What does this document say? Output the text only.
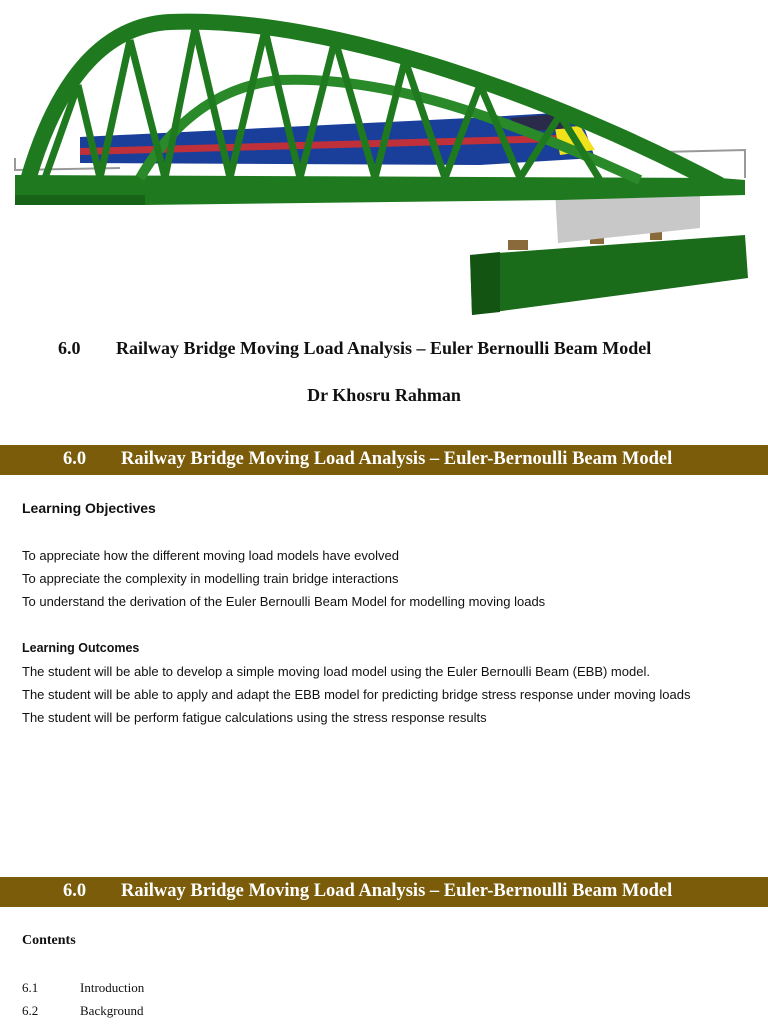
6.0 Railway Bridge Moving Load Analysis – Euler Bernoulli Beam Model
Dr Khosru Rahman
6.0 Railway Bridge Moving Load Analysis – Euler-Bernoulli Beam Model
Learning Objectives
To appreciate how the different moving load models have evolved
To appreciate the complexity in modelling train bridge interactions
To understand the derivation of the Euler Bernoulli Beam Model for modelling moving loads
Learning Outcomes
The student will be able to develop a simple moving load model using the Euler Bernoulli Beam (EBB) model.
The student will be able to apply and adapt the EBB model for predicting bridge stress response under moving loads
The student will be perform fatigue calculations using the stress response results
6.0 Railway Bridge Moving Load Analysis – Euler-Bernoulli Beam Model
Contents
6.1	Introduction
6.2	Background
